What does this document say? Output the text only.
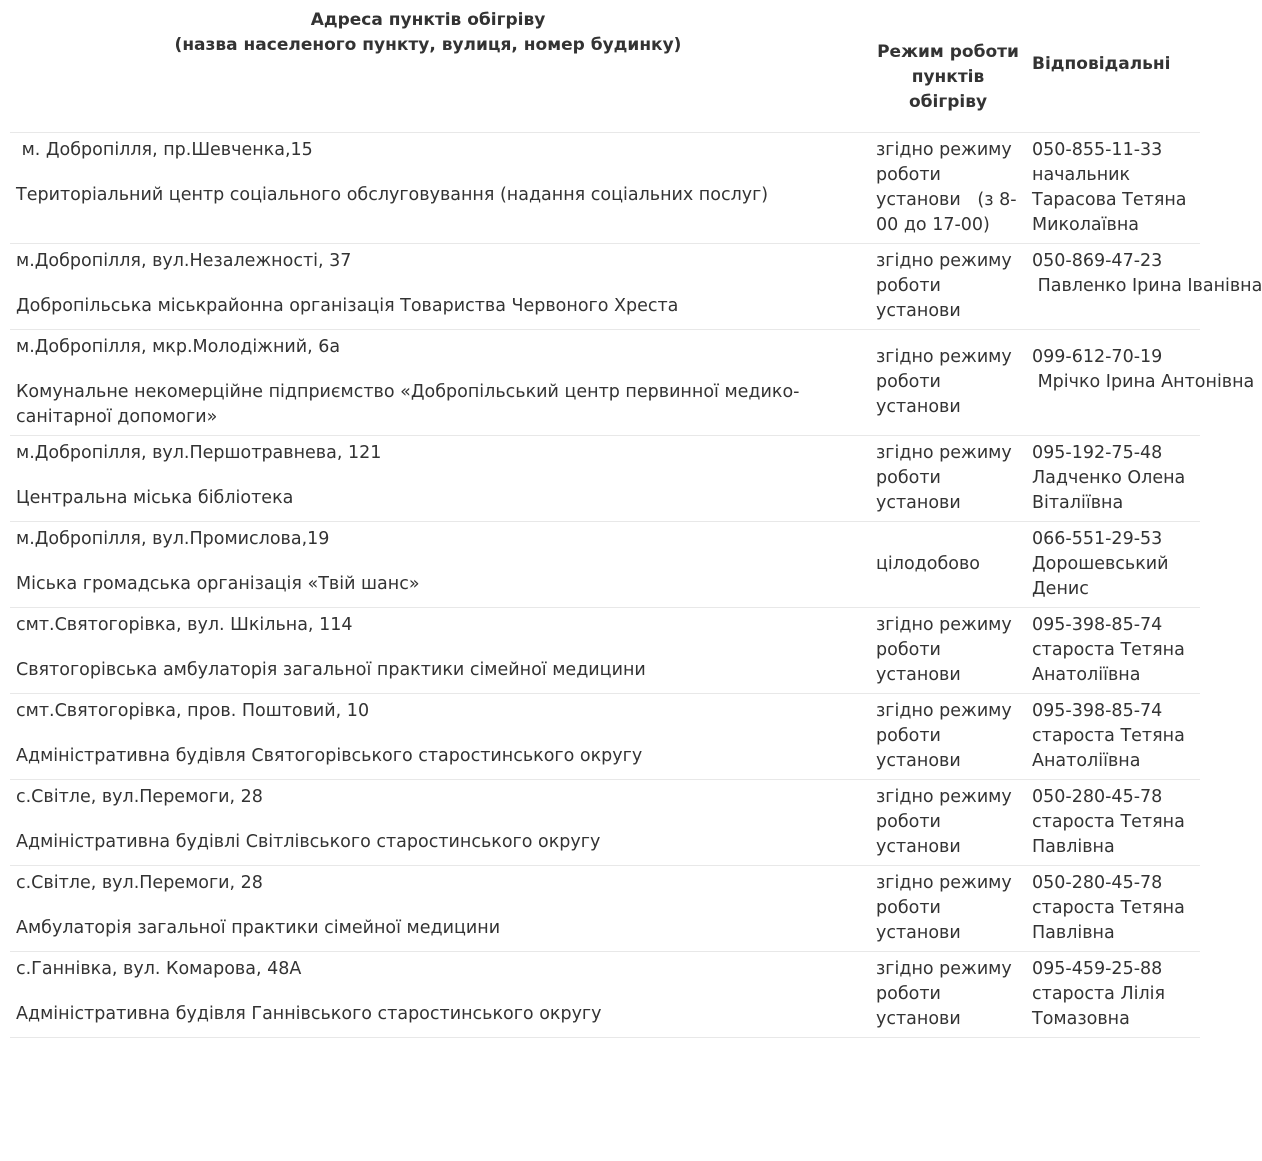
Адреса пунктів обігріву
(назва населеного пункту, вулиця, номер будинку)	Режим роботи пунктів обігріву	Відповідальні

м. Добропілля, пр.Шевченка,15
Територіальний центр соціального обслуговування (надання соціальних послуг)	згідно режиму роботи установи   (з 8-00 до 17-00)	050-855-11-33
начальник Тарасова Тетяна Миколаївна

м.Добропілля, вул.Незалежності, 37
Добропільська міськрайонна організація Товариства Червоного Хреста	згідно режиму роботи установи	050-869-47-23
Павленко Ірина Іванівна

м.Добропілля, мкр.Молодіжний, 6а
Комунальне некомерційне підприємство «Добропільський центр первинної медико-санітарної допомоги»	згідно режиму роботи установи	099-612-70-19
Мрічко Ірина Антонівна

м.Добропілля, вул.Першотравнева, 121
Центральна міська бібліотека	згідно режиму роботи установи	095-192-75-48
Ладченко Олена Віталіївна

м.Добропілля, вул.Промислова,19
Міська громадська організація «Твій шанс»	цілодобово	066-551-29-53
Дорошевський Денис

смт.Святогорівка, вул. Шкільна, 114
Святогорівська амбулаторія загальної практики сімейної медицини	згідно режиму роботи установи	095-398-85-74
староста Тетяна Анатоліївна

смт.Святогорівка, пров. Поштовий, 10
Адміністративна будівля Святогорівського старостинського округу	згідно режиму роботи установи	095-398-85-74
староста Тетяна Анатоліївна

с.Світле, вул.Перемоги, 28
Адміністративна будівлі Світлівського старостинського округу	згідно режиму роботи установи	050-280-45-78
староста Тетяна Павлівна

с.Світле, вул.Перемоги, 28
Амбулаторія загальної практики сімейної медицини	згідно режиму роботи установи	050-280-45-78
староста Тетяна Павлівна

с.Ганнівка, вул. Комарова, 48А
Адміністративна будівля Ганнівського старостинського округу	згідно режиму роботи установи	095-459-25-88
староста Лілія Томазовна
